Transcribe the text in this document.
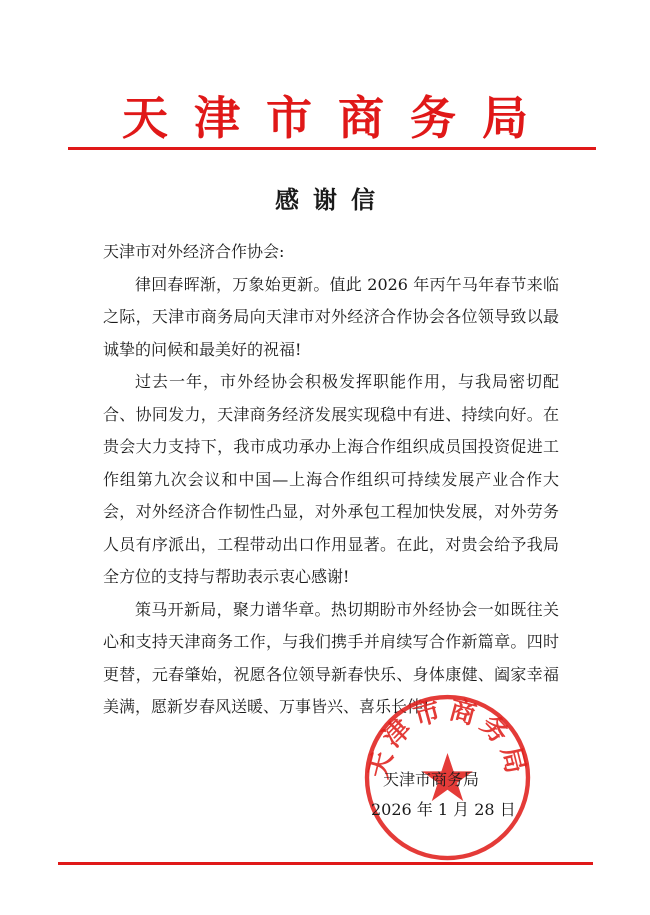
天津市商务局
感谢信

天津市对外经济合作协会:

律回春晖渐，万象始更新。值此 2026 年丙午马年春节来临之际，天津市商务局向天津市对外经济合作协会各位领导致以最诚挚的问候和最美好的祝福!

过去一年，市外经协会积极发挥职能作用，与我局密切配合、协同发力，天津商务经济发展实现稳中有进、持续向好。在贵会大力支持下，我市成功承办上海合作组织成员国投资促进工作组第九次会议和中国—上海合作组织可持续发展产业合作大会，对外经济合作韧性凸显，对外承包工程加快发展，对外劳务人员有序派出，工程带动出口作用显著。在此，对贵会给予我局全方位的支持与帮助表示衷心感谢!

策马开新局，聚力谱华章。热切期盼市外经协会一如既往关心和支持天津商务工作，与我们携手并肩续写合作新篇章。四时更替，元春肇始，祝愿各位领导新春快乐、身体康健、阖家幸福美满，愿新岁春风送暖、万事皆兴、喜乐长伴!

天津市商务局
天津市商务局
2026 年 1 月 28 日
